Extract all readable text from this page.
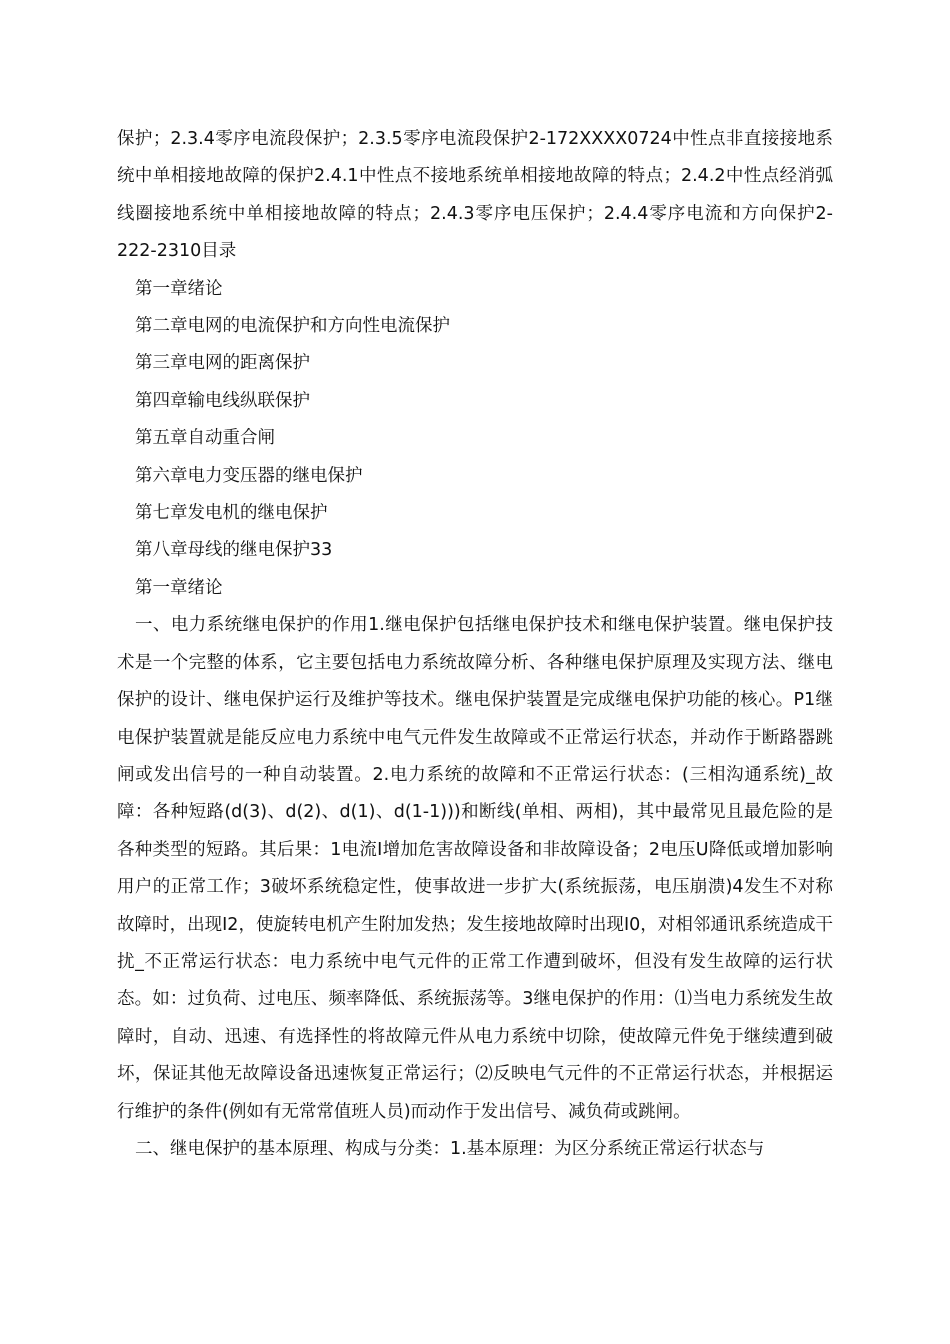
保护；2.3.4零序电流段保护；2.3.5零序电流段保护2-172XXXX0724中性点非直接接地系统中单相接地故障的保护2.4.1中性点不接地系统单相接地故障的特点；2.4.2中性点经消弧线圈接地系统中单相接地故障的特点；2.4.3零序电压保护；2.4.4零序电流和方向保护2-222-2310目录

第一章绪论

第二章电网的电流保护和方向性电流保护

第三章电网的距离保护

第四章输电线纵联保护

第五章自动重合闸

第六章电力变压器的继电保护

第七章发电机的继电保护

第八章母线的继电保护33

第一章绪论

一、电力系统继电保护的作用1.继电保护包括继电保护技术和继电保护装置。继电保护技术是一个完整的体系，它主要包括电力系统故障分析、各种继电保护原理及实现方法、继电保护的设计、继电保护运行及维护等技术。继电保护装置是完成继电保护功能的核心。P1继电保护装置就是能反应电力系统中电气元件发生故障或不正常运行状态，并动作于断路器跳闸或发出信号的一种自动装置。2.电力系统的故障和不正常运行状态：(三相沟通系统)_故障：各种短路(d(3)、d(2)、d(1)、d(1-1)))和断线(单相、两相)，其中最常见且最危险的是各种类型的短路。其后果：1电流I增加危害故障设备和非故障设备；2电压U降低或增加影响用户的正常工作；3破坏系统稳定性，使事故进一步扩大(系统振荡，电压崩溃)4发生不对称故障时，出现I2，使旋转电机产生附加发热；发生接地故障时出现I0，对相邻通讯系统造成干扰_不正常运行状态：电力系统中电气元件的正常工作遭到破坏，但没有发生故障的运行状态。如：过负荷、过电压、频率降低、系统振荡等。3继电保护的作用：⑴当电力系统发生故障时，自动、迅速、有选择性的将故障元件从电力系统中切除，使故障元件免于继续遭到破坏，保证其他无故障设备迅速恢复正常运行；⑵反映电气元件的不正常运行状态，并根据运行维护的条件(例如有无常常值班人员)而动作于发出信号、减负荷或跳闸。

二、继电保护的基本原理、构成与分类：1.基本原理：为区分系统正常运行状态与
